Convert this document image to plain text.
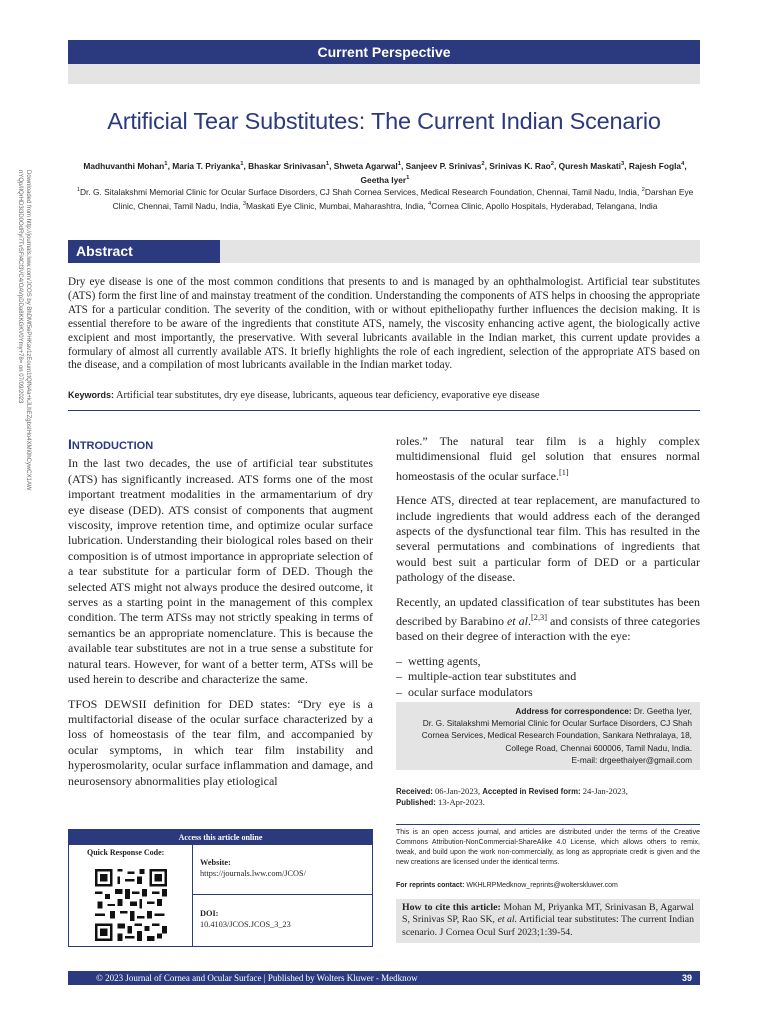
Current Perspective
Artificial Tear Substitutes: The Current Indian Scenario
Madhuvanthi Mohan$^1$, Maria T. Priyanka$^1$, Bhaskar Srinivasan$^1$, Shweta Agarwal$^1$, Sanjeev P. Srinivas$^2$, Srinivas K. Rao$^2$, Quresh Maskati$^3$, Rajesh Fogla$^4$, Geetha Iyer$^1$
$^1$Dr. G. Sitalakshmi Memorial Clinic for Ocular Surface Disorders, CJ Shah Cornea Services, Medical Research Foundation, Chennai, Tamil Nadu, India, $^2$Darshan Eye Clinic, Chennai, Tamil Nadu, India, $^3$Maskati Eye Clinic, Mumbai, Maharashtra, India, $^4$Cornea Clinic, Apollo Hospitals, Hyderabad, Telangana, India
Downloaded from http://journals.lww.com/JCOS by BhDMf5ePHKav1zEoum1tQfN4a+kJLhEZgbsIHo4XMi0hCywCX1AW
nYQp/IlQrHD3i3D0OdRyi7TvSFl4Cf3VC4/OAVpDDa8KKGKV0Ymy+78= on 07/09/2023	Abstract
Dry eye disease is one of the most common conditions that presents to and is managed by an ophthalmologist. Artificial tear substitutes (ATS) form the first line of and mainstay treatment of the condition. Understanding the components of ATS helps in choosing the appropriate ATS for a particular condition. The severity of the condition, with or without epitheliopathy further influences the decision making. It is essential therefore to be aware of the ingredients that constitute ATS, namely, the viscosity enhancing active agent, the biologically active excipient and most importantly, the preservative. With several lubricants available in the Indian market, this current update provides a formulary of almost all currently available ATS. It briefly highlights the role of each ingredient, selection of the appropriate ATS based on the disease, and a compilation of most lubricants available in the Indian market today.
Keywords: Artificial tear substitutes, dry eye disease, lubricants, aqueous tear deficiency, evaporative eye disease
INTRODUCTION

In the last two decades, the use of artificial tear substitutes (ATS) has significantly increased. ATS forms one of the most important treatment modalities in the armamentarium of dry eye disease (DED). ATS consist of components that augment viscosity, improve retention time, and optimize ocular surface lubrication. Understanding their biological roles based on their composition is of utmost importance in appropriate selection of a tear substitute for a particular form of DED. Though the selected ATS might not always produce the desired outcome, it serves as a starting point in the management of this complex condition. The term ATSs may not strictly speaking in terms of semantics be an appropriate nomenclature. This is because the available tear substitutes are not in a true sense a substitute for natural tears. However, for want of a better term, ATSs will be used herein to describe and characterize the same.

TFOS DEWSII definition for DED states: “Dry eye is a multifactorial disease of the ocular surface characterized by a loss of homeostasis of the tear film, and accompanied by ocular symptoms, in which tear film instability and hyperosmolarity, ocular surface inflammation and damage, and neurosensory abnormalities play etiological

roles.” The natural tear film is a highly complex multidimensional fluid gel solution that ensures normal homeostasis of the ocular surface.[1]

Hence ATS, directed at tear replacement, are manufactured to include ingredients that would address each of the deranged aspects of the dysfunctional tear film. This has resulted in the several permutations and combinations of ingredients that would best suit a particular form of DED or a particular pathology of the disease.

Recently, an updated classification of tear substitutes has been described by Barabino et al.[2,3] and consists of three categories based on their degree of interaction with the eye:

– wetting agents,
– multiple-action tear substitutes and
– ocular surface modulators
Address for correspondence: Dr. Geetha Iyer,
Dr. G. Sitalakshmi Memorial Clinic for Ocular Surface Disorders, CJ Shah
Cornea Services, Medical Research Foundation, Sankara Nethralaya, 18,
College Road, Chennai 600006, Tamil Nadu, India.
E-mail: drgeethaiyer@gmail.com
Received: 06-Jan-2023, Accepted in Revised form: 24-Jan-2023,
Published: 13-Apr-2023.
Access this article online
Quick Response Code:
Website:
https://journals.lww.com/JCOS/
DOI:
10.4103/JCOS.JCOS_3_23
This is an open access journal, and articles are distributed under the terms of the Creative Commons Attribution-NonCommercial-ShareAlike 4.0 License, which allows others to remix, tweak, and build upon the work non-commercially, as long as appropriate credit is given and the new creations are licensed under the identical terms.
For reprints contact: WKHLRPMedknow_reprints@wolterskluwer.com
How to cite this article: Mohan M, Priyanka MT, Srinivasan B, Agarwal S, Srinivas SP, Rao SK, et al. Artificial tear substitutes: The current Indian scenario. J Cornea Ocul Surf 2023;1:39-54.
© 2023 Journal of Cornea and Ocular Surface | Published by Wolters Kluwer - Medknow	39
